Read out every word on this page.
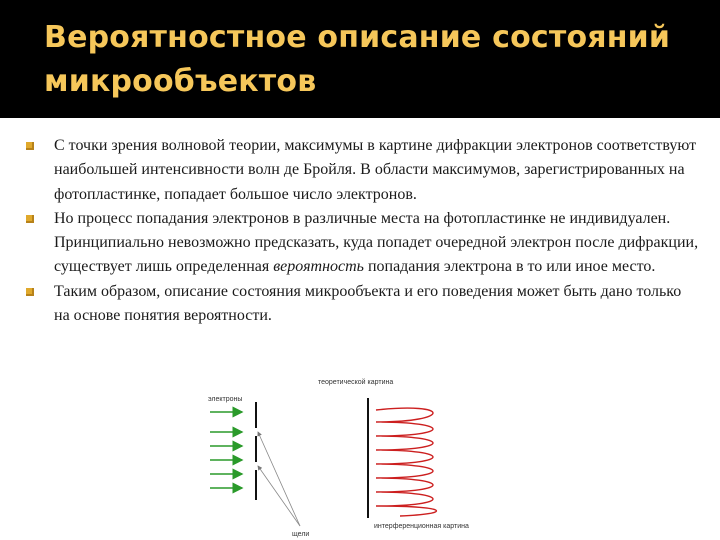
Вероятностное описание состояний микрообъектов
С точки зрения волновой теории, максимумы в картине дифракции электронов соответствуют наибольшей интенсивности волн де Бройля. В области максимумов, зарегистрированных на фотопластинке, попадает большое число электронов.
Но процесс попадания электронов в различные места на фотопластинке не индивидуален. Принципиально невозможно предсказать, куда попадет очередной электрон после дифракции, существует лишь определенная вероятность попадания электрона в то или иное место.
Таким образом, описание состояния микрообъекта и его поведения может быть дано только на основе понятия вероятности.
электроны
щели
теоретической картина
интерференционная картина
